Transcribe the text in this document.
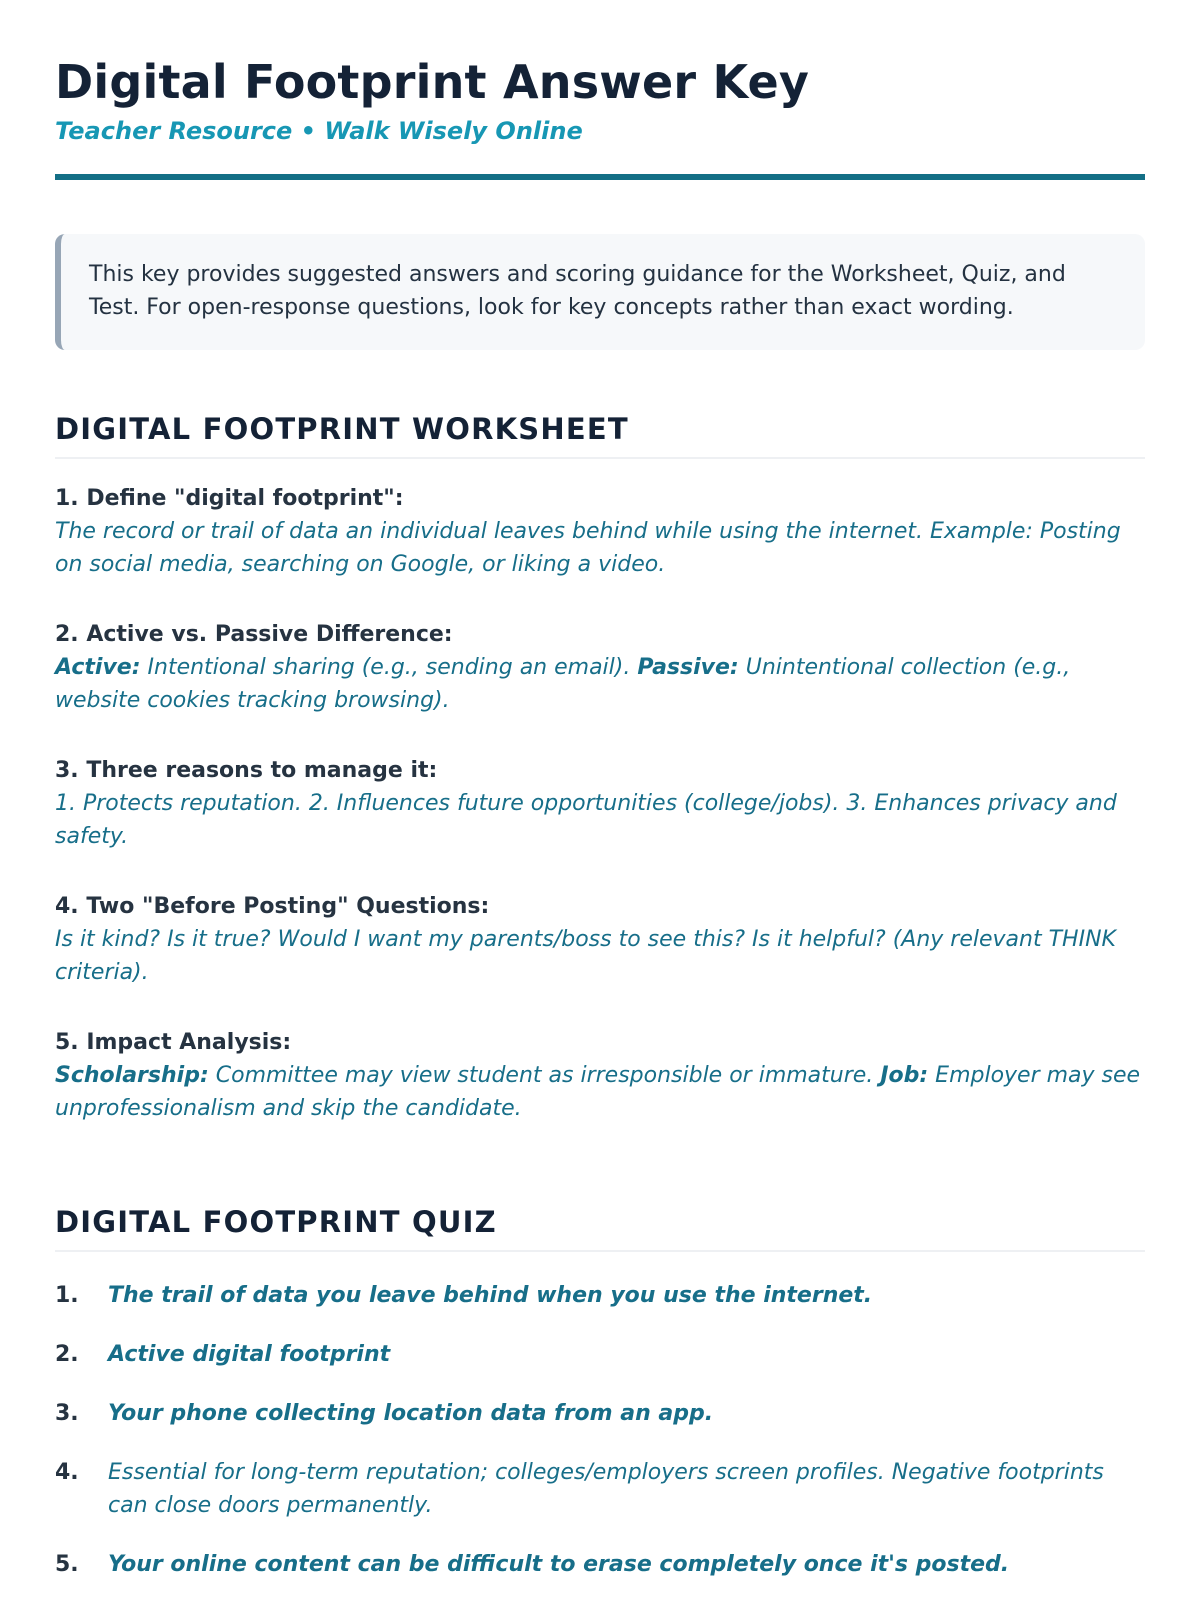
Digital Footprint Answer Key
Teacher Resource • Walk Wisely Online
This key provides suggested answers and scoring guidance for the Worksheet, Quiz, and Test. For open-response questions, look for key concepts rather than exact wording.
DIGITAL FOOTPRINT WORKSHEET
1. Define "digital footprint":
The record or trail of data an individual leaves behind while using the internet. Example: Posting on social media, searching on Google, or liking a video.
2. Active vs. Passive Difference:
Active: Intentional sharing (e.g., sending an email). Passive: Unintentional collection (e.g., website cookies tracking browsing).
3. Three reasons to manage it:
1. Protects reputation. 2. Influences future opportunities (college/jobs). 3. Enhances privacy and safety.
4. Two "Before Posting" Questions:
Is it kind? Is it true? Would I want my parents/boss to see this? Is it helpful? (Any relevant THINK criteria).
5. Impact Analysis:
Scholarship: Committee may view student as irresponsible or immature. Job: Employer may see unprofessionalism and skip the candidate.
DIGITAL FOOTPRINT QUIZ
1.	The trail of data you leave behind when you use the internet.
2.	Active digital footprint
3.	Your phone collecting location data from an app.
4.	Essential for long-term reputation; colleges/employers screen profiles. Negative footprints can close doors permanently.
5.	Your online content can be difficult to erase completely once it's posted.
